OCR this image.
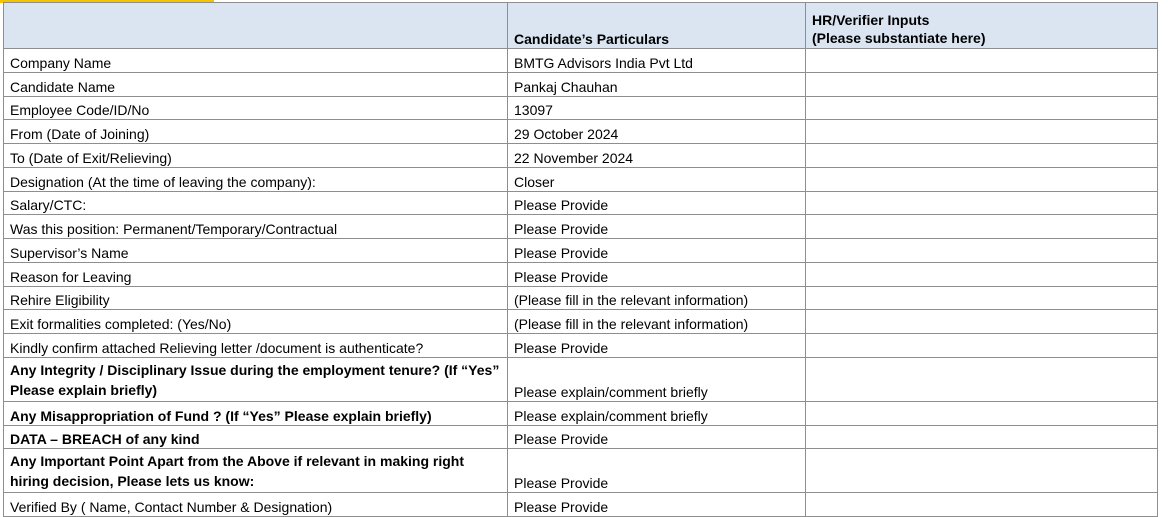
	Candidate’s Particulars	HR/Verifier Inputs
(Please substantiate here)
Company Name	BMTG Advisors India Pvt Ltd	
Candidate Name	Pankaj Chauhan	
Employee Code/ID/No	13097	
From (Date of Joining)	29 October 2024	
To (Date of Exit/Relieving)	22 November 2024	
Designation (At the time of leaving the company):	Closer	
Salary/CTC:	Please Provide	
Was this position: Permanent/Temporary/Contractual	Please Provide	
Supervisor’s Name	Please Provide	
Reason for Leaving	Please Provide	
Rehire Eligibility	(Please fill in the relevant information)	
Exit formalities completed: (Yes/No)	(Please fill in the relevant information)	
Kindly confirm attached Relieving letter /document is authenticate?	Please Provide	

Any Integrity / Disciplinary Issue during the employment tenure? (If “Yes” Please explain briefly)	Please explain/comment briefly	
Any Misappropriation of Fund ? (If “Yes” Please explain briefly)	Please explain/comment briefly	
DATA – BREACH of any kind	Please Provide	

Any Important Point Apart from the Above if relevant in making right hiring decision, Please lets us know:	Please Provide	
Verified By ( Name, Contact Number & Designation)	Please Provide	
